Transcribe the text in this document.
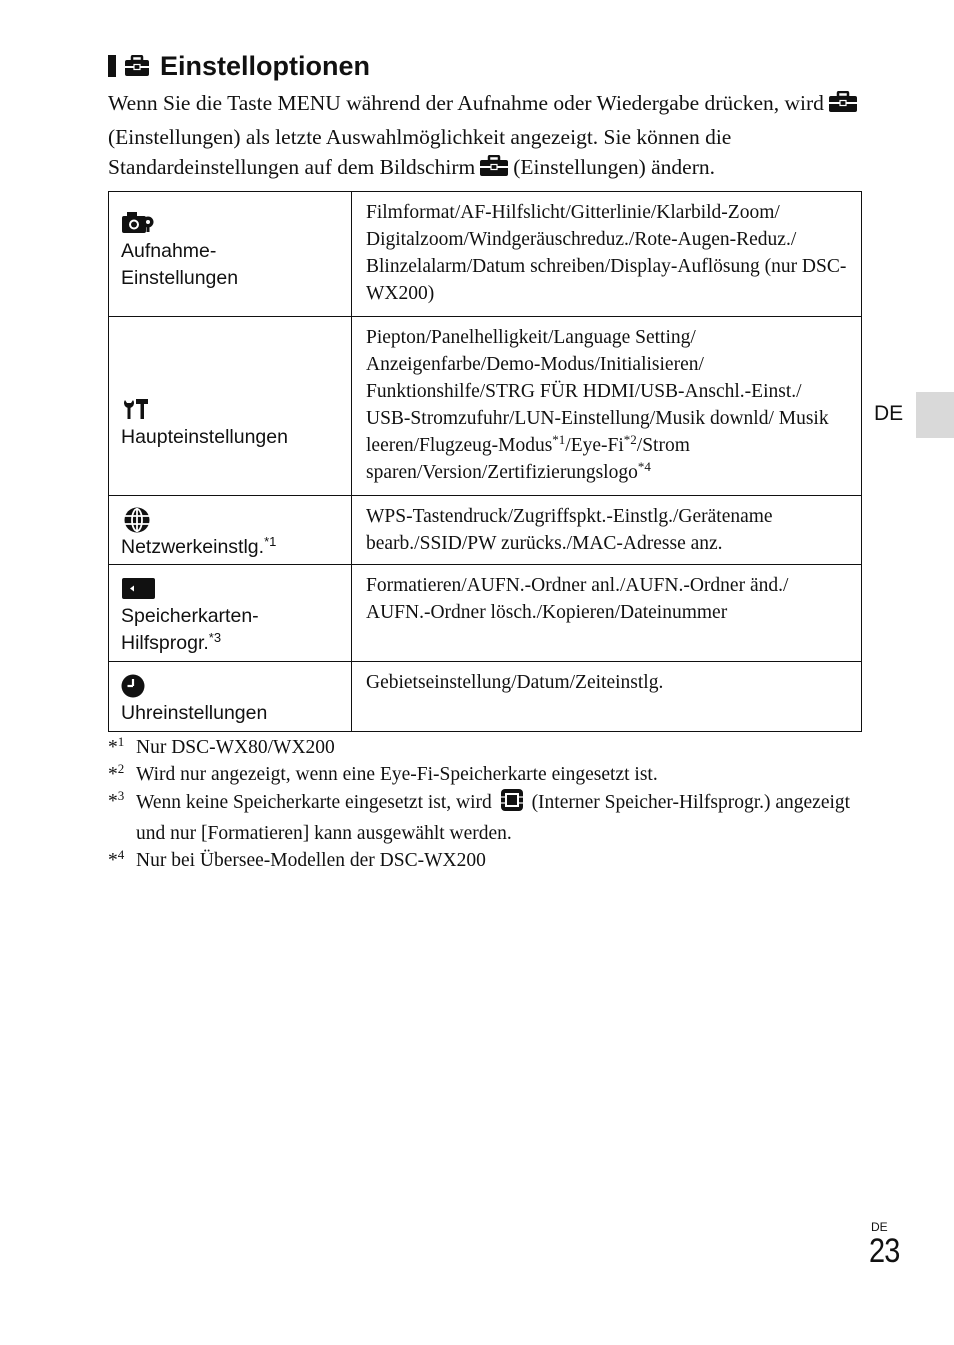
Einstelloptionen
Wenn Sie die Taste MENU während der Aufnahme oder Wiedergabe drücken, wird(Einstellungen) als letzte Auswahlmöglichkeit angezeigt. Sie können die Standardeinstellungen auf dem Bildschirm (Einstellungen) ändern.
Aufnahme-
Einstellungen	Filmformat/AF-Hilfslicht/Gitterlinie/Klarbild-Zoom/ Digitalzoom/Windgeräuschreduz./Rote-Augen-Reduz./ Blinzelalarm/Datum schreiben/Display-Auflösung (nur DSC-WX200)

Haupteinstellungen	Piepton/Panelhelligkeit/Language Setting/ Anzeigenfarbe/Demo-Modus/Initialisieren/ Funktionshilfe/STRG FÜR HDMI/USB-Anschl.-Einst./ USB-Stromzufuhr/LUN-Einstellung/Musik downld/ Musik leeren/Flugzeug-Modus$^{*1}$/Eye-Fi$^{*2}$/Strom sparen/Version/Zertifizierungslogo$^{*4}$

Netzwerkeinstlg.$^{*1}$	WPS-Tastendruck/Zugriffspkt.-Einstlg./Gerätename bearb./SSID/PW zurücks./MAC-Adresse anz.

Speicherkarten-
Hilfsprogr.$^{*3}$	Formatieren/AUFN.-Ordner anl./AUFN.-Ordner änd./ AUFN.-Ordner lösch./Kopieren/Dateinummer

Uhreinstellungen	Gebietseinstellung/Datum/Zeiteinstlg.
*$^1$ Nur DSC-WX80/WX200
*$^2$ Wird nur angezeigt, wenn eine Eye-Fi-Speicherkarte eingesetzt ist.
*$^3$ Wenn keine Speicherkarte eingesetzt ist, wird (Interner Speicher-Hilfsprogr.) angezeigt und nur [Formatieren] kann ausgewählt werden.
*$^4$ Nur bei Übersee-Modellen der DSC-WX200
DE
DE
23
